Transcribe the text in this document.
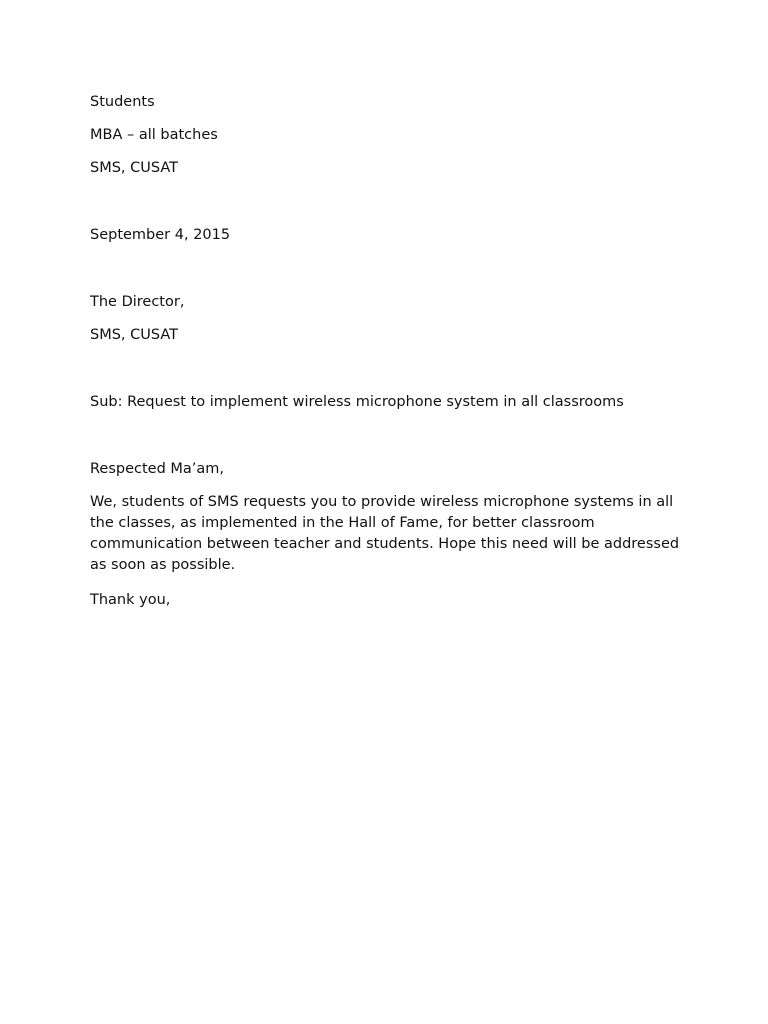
Students
MBA – all batches
SMS, CUSAT
September 4, 2015
The Director,
SMS, CUSAT
Sub: Request to implement wireless microphone system in all classrooms
Respected Ma’am,
We, students of SMS requests you to provide wireless microphone systems in all the classes, as implemented in the Hall of Fame, for better classroom communication between teacher and students. Hope this need will be addressed as soon as possible.
Thank you,
